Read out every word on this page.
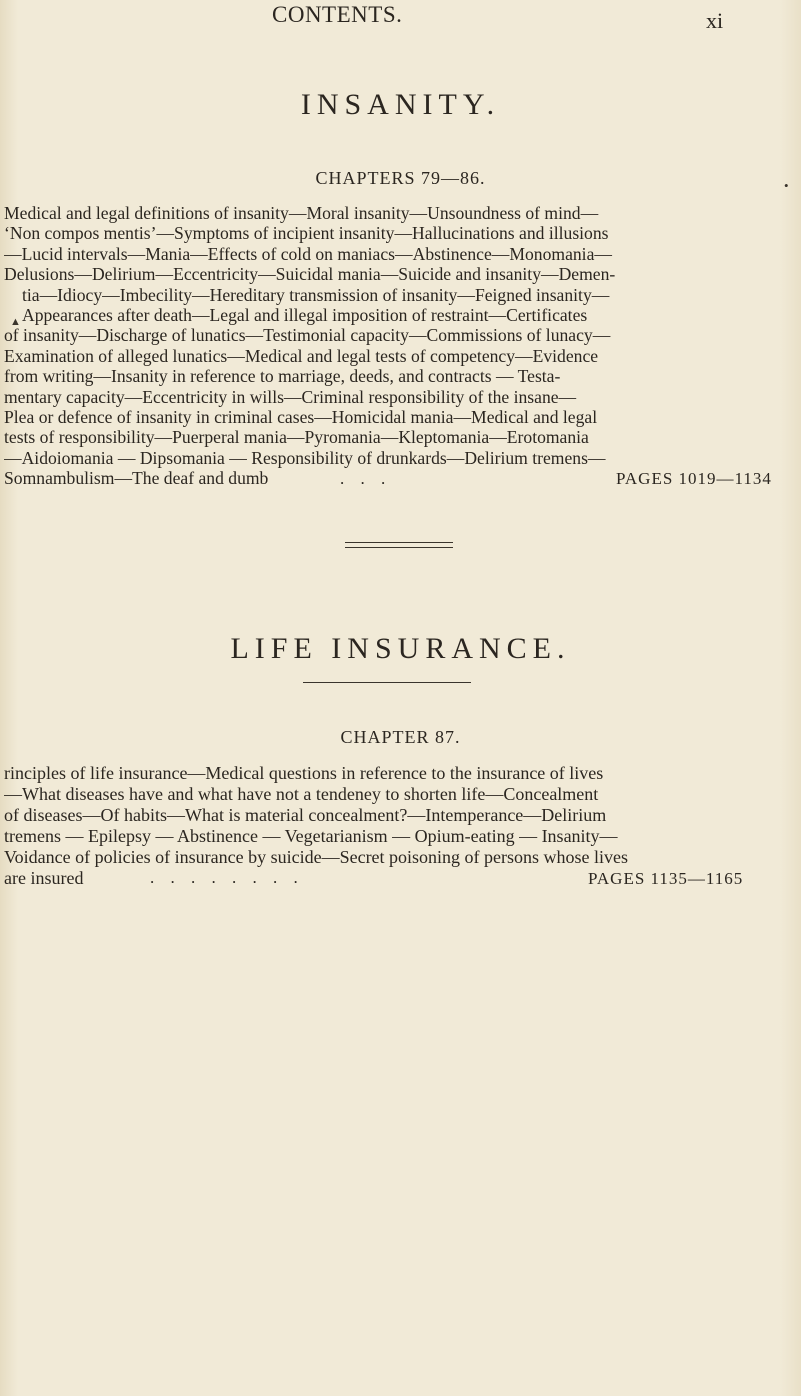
CONTENTS.	xi
INSANITY.
CHAPTERS 79—86.	•
▲
Medical and legal definitions of insanity—Moral insanity—Unsoundness of mind—
‘Non compos mentis’—Symptoms of incipient insanity—Hallucinations and illusions
—Lucid intervals—Mania—Effects of cold on maniacs—Abstinence—Monomania—
Delusions—Delirium—Eccentricity—Suicidal mania—Suicide and insanity—Demen-
tia—Idiocy—Imbecility—Hereditary transmission of insanity—Feigned insanity—
Appearances after death—Legal and illegal imposition of restraint—Certificates
of insanity—Discharge of lunatics—Testimonial capacity—Commissions of lunacy—
Examination of alleged lunatics—Medical and legal tests of competency—Evidence
from writing—Insanity in reference to marriage, deeds, and contracts — Testa-
mentary capacity—Eccentricity in wills—Criminal responsibility of the insane—
Plea or defence of insanity in criminal cases—Homicidal mania—Medical and legal
tests of responsibility—Puerperal mania—Pyromania—Kleptomania—Erotomania
—Aidoiomania — Dipsomania — Responsibility of drunkards—Delirium tremens—
Somnambulism—The deaf and dumb	. . .	PAGES 1019—1134
LIFE INSURANCE.
CHAPTER 87.
rinciples of life insurance—Medical questions in reference to the insurance of lives
—What diseases have and what have not a tendeney to shorten life—Concealment
of diseases—Of habits—What is material concealment?—Intemperance—Delirium
tremens — Epilepsy — Abstinence — Vegetarianism — Opium-eating — Insanity—
Voidance of policies of insurance by suicide—Secret poisoning of persons whose lives
are insured	. . . . . . . .	PAGES 1135—1165
